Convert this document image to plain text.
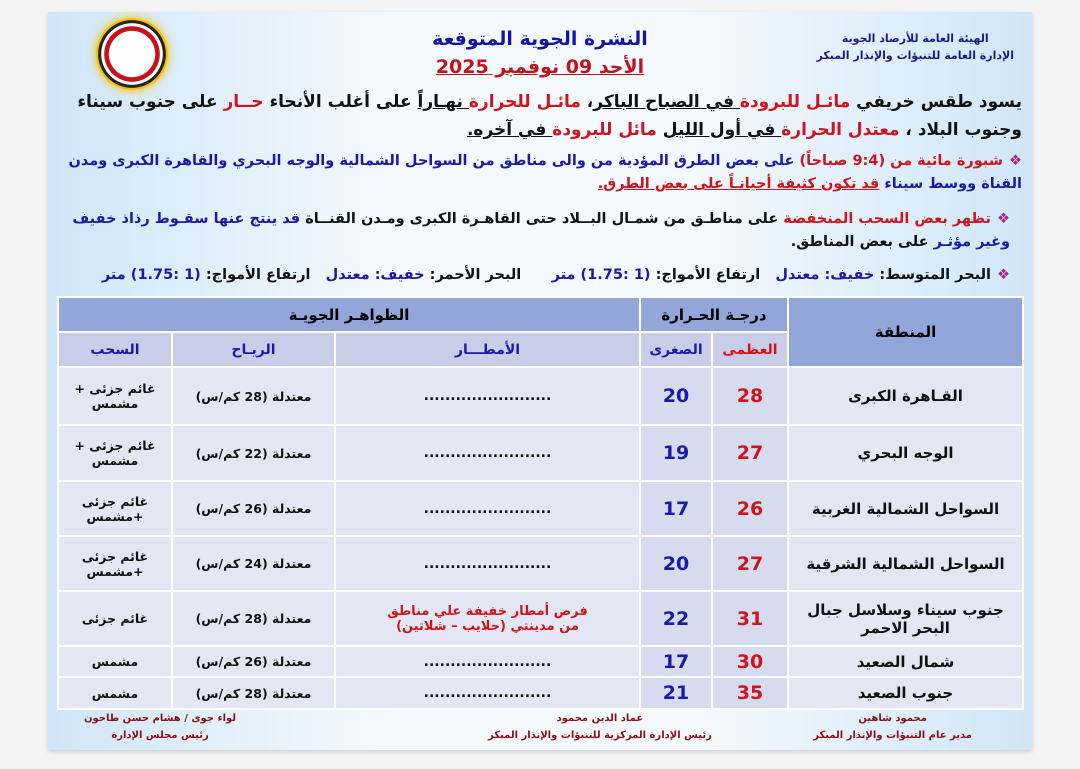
الهيئة العامة للأرصاد الجوية
الإدارة العامة للتنبؤات والإنذار المبكر
النشرة الجوية المتوقعة
الأحد 09 نوفمبر 2025
يسود طقس خريفي مائـل للبرودة في الصباح الباكر، مائـل للحرارة نهـاراً على أغلب الأنحاء حــار على جنوب سيناء وجنوب البلاد ، معتدل الحرارة في أول الليل مائل للبرودة في آخره.
❖شبورة مائية من (9:4 صباحاً) على بعض الطرق المؤدية من والى مناطق من السواحل الشمالية والوجه البحري والقاهرة الكبرى ومدن القناة ووسط سيناء قد تكون كثيفة أحيانـاً على بعض الطرق.
❖تظهر بعض السحب المنخفضة على مناطـق من شمـال البــلاد حتى القاهـرة الكبرى ومـدن القنــاة قد ينتج عنها سقـوط رذاذ خفيف وغير مؤثـر على بعض المناطق.
❖البحر المتوسط: خفيف: معتدل   ارتفاع الأمواج: (1 :1.75) متر      البحر الأحمر: خفيف: معتدل   ارتفاع الأمواج: (1 :1.75) متر
المنطقة	درجـة الحـرارة		الظواهـر الجويـة		
	العظمى	الصغرى	الأمطـــار	الريـاح	السحب
القـاهرة الكبرى	28	20	........................	معتدلة (28 كم/س)	غائم جزئى + مشمس
الوجه البحري	27	19	........................	معتدلة (22 كم/س)	غائم جزئى + مشمس
السواحل الشمالية الغربية	26	17	........................	معتدلة (26 كم/س)	غائم جزئى +مشمس
السواحل الشمالية الشرقية	27	20	........................	معتدلة (24 كم/س)	غائم جزئى +مشمس
جنوب سيناء وسلاسل جبال البحر الاحمر	31	22	فرص أمطار خفيفة علي مناطق من مدينتي (حلايب – شلاتين)	معتدلة (28 كم/س)	غائم جزئى
شمال الصعيد	30	17	........................	معتدلة (26 كم/س)	مشمس
جنوب الصعيد	35	21	........................	معتدلة (28 كم/س)	مشمس
محمود شاهين
مدير عام التنبؤات والإنذار المبكر
عماد الدين محمود
رئيس الإدارة المركزية للتنبؤات والإنذار المبكر
لواء جوى / هشام حسن طاحون
رئيس مجلس الإدارة
